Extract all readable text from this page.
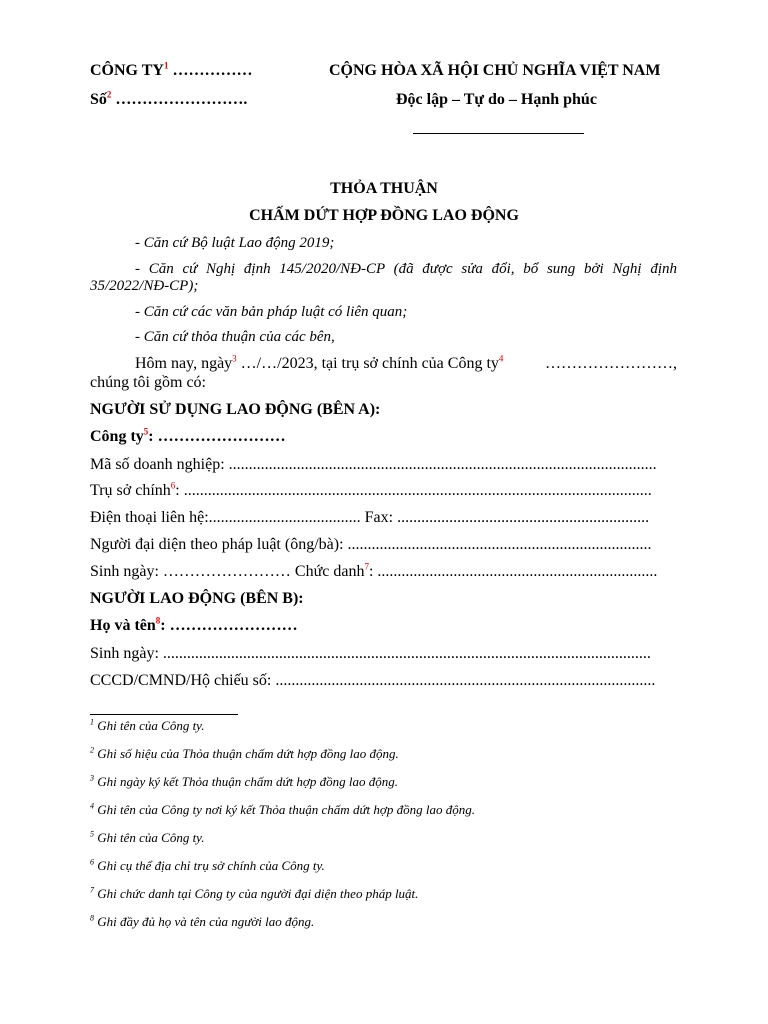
CÔNG $TY^1$ ……………
Số$^2$ …………………….
CỘNG HÒA XÃ HỘI CHỦ NGHĨA VIỆT NAM
Độc lập – Tự do – Hạnh phúc
THỎA THUẬN
CHẤM DỨT HỢP ĐỒNG LAO ĐỘNG
- Căn cứ Bộ luật Lao động 2019;
- Căn cứ Nghị định 145/2020/NĐ-CP (đã được sửa đổi, bổ sung bởi Nghị định
35/2022/NĐ-CP);
- Căn cứ các văn bản pháp luật có liên quan;
- Căn cứ thỏa thuận của các bên,
Hôm nay, ngày$^3$ …/…/2023, tại trụ sở chính của Công $ty^4$	……………………,
chúng tôi gồm có:
NGƯỜI SỬ DỤNG LAO ĐỘNG (BÊN A):
Công $ty^5$: ……………………
Mã số doanh nghiệp: ...........................................................................................................
Trụ sở chính$^6$: .....................................................................................................................
Điện thoại liên hệ:...................................... Fax: ...............................................................
Người đại diện theo pháp luật (ông/bà): ............................................................................
Sinh ngày: …………………… Chức danh$^7$: ......................................................................
NGƯỜI LAO ĐỘNG (BÊN B):
Họ và tên$^8$: ……………………
Sinh ngày: ..........................................................................................................................
CCCD/CMND/Hộ chiếu số: ...............................................................................................
$^1$ Ghi tên của Công ty.
$^2$ Ghi số hiệu của Thỏa thuận chấm dứt hợp đồng lao động.
$^3$ Ghi ngày ký kết Thỏa thuận chấm dứt hợp đồng lao động.
$^4$ Ghi tên của Công ty nơi ký kết Thỏa thuận chấm dứt hợp đồng lao động.
$^5$ Ghi tên của Công ty.
$^6$ Ghi cụ thể địa chỉ trụ sở chính của Công ty.
$^7$ Ghi chức danh tại Công ty của người đại diện theo pháp luật.
$^8$ Ghi đầy đủ họ và tên của người lao động.
